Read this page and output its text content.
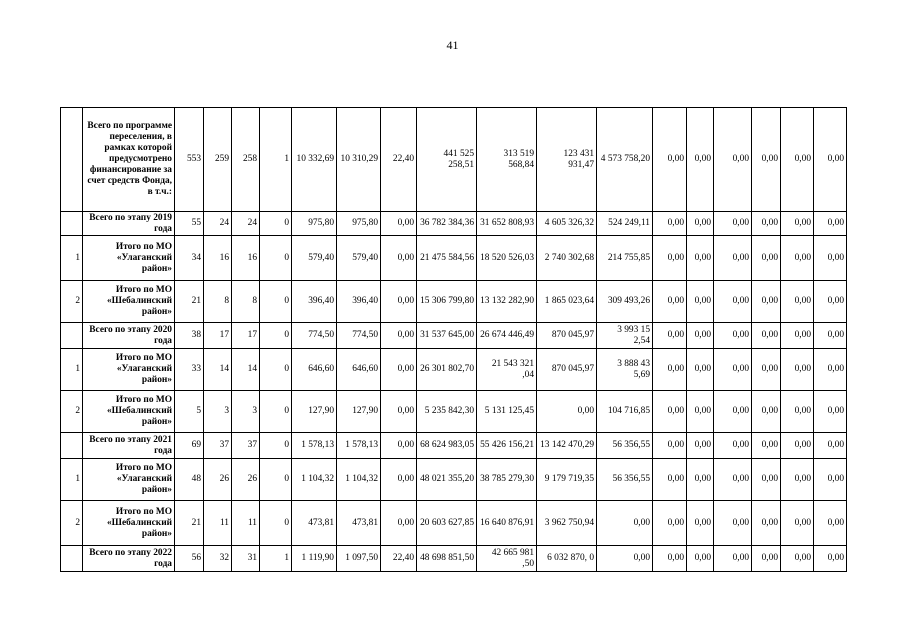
41
	Всего по программе переселения, в рамках которой предусмотрено финансирование за счет средств Фонда, в т.ч.:	553	259	258	1	10 332,69	10 310,29	22,40	441 525 258,51	313 519 568,84	123 431 931,47	4 573 758,20	0,00	0,00	0,00	0,00	0,00	0,00
	Всего по этапу 2019 года	55	24	24	0	975,80	975,80	0,00	36 782 384,36	31 652 808,93	4 605 326,32	524 249,11	0,00	0,00	0,00	0,00	0,00	0,00
1	Итого по МО «Улаганский район»	34	16	16	0	579,40	579,40	0,00	21 475 584,56	18 520 526,03	2 740 302,68	214 755,85	0,00	0,00	0,00	0,00	0,00	0,00
2	Итого по МО «Шебалинский район»	21	8	8	0	396,40	396,40	0,00	15 306 799,80	13 132 282,90	1 865 023,64	309 493,26	0,00	0,00	0,00	0,00	0,00	0,00
	Всего по этапу 2020 года	38	17	17	0	774,50	774,50	0,00	31 537 645,00	26 674 446,49	870 045,97	3 993 15 2,54	0,00	0,00	0,00	0,00	0,00	0,00
1	Итого по МО «Улаганский район»	33	14	14	0	646,60	646,60	0,00	26 301 802,70	21 543 321 ,04	870 045,97	3 888 43 5,69	0,00	0,00	0,00	0,00	0,00	0,00
2	Итого по МО «Шебалинский район»	5	3	3	0	127,90	127,90	0,00	5 235 842,30	5 131 125,45	0,00	104 716,85	0,00	0,00	0,00	0,00	0,00	0,00
	Всего по этапу 2021 года	69	37	37	0	1 578,13	1 578,13	0,00	68 624 983,05	55 426 156,21	13 142 470,29	56 356,55	0,00	0,00	0,00	0,00	0,00	0,00
1	Итого по МО «Улаганский район»	48	26	26	0	1 104,32	1 104,32	0,00	48 021 355,20	38 785 279,30	9 179 719,35	56 356,55	0,00	0,00	0,00	0,00	0,00	0,00
2	Итого по МО «Шебалинский район»	21	11	11	0	473,81	473,81	0,00	20 603 627,85	16 640 876,91	3 962 750,94	0,00	0,00	0,00	0,00	0,00	0,00	0,00
	Всего по этапу 2022 года	56	32	31	1	1 119,90	1 097,50	22,40	48 698 851,50	42 665 981 ,50	6 032 870, 0	0,00	0,00	0,00	0,00	0,00	0,00	0,00
